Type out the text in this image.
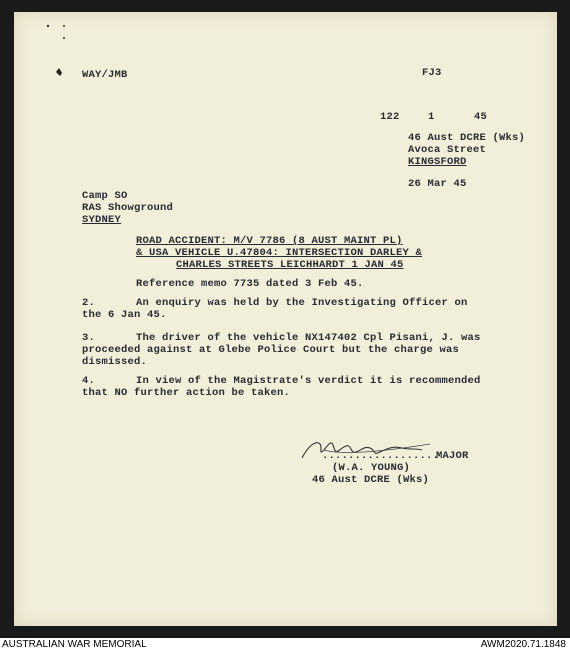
WAY/JMB	FJ3

122	1	45

46 Aust DCRE (Wks)

Avoca Street

KINGSFORD

26 Mar 45

Camp SO

RAS Showground

SYDNEY

ROAD ACCIDENT: M/V 7786 (8 AUST MAINT PL)

& USA VEHICLE U.47804: INTERSECTION DARLEY &

CHARLES STREETS LEICHHARDT 1 JAN 45

Reference memo 7735 dated 3 Feb 45.

2.	An enquiry was held by the Investigating Officer on

the 6 Jan 45.

3.	The driver of the vehicle NX147402 Cpl Pisani, J. was

proceeded against at Glebe Police Court but the charge was

dismissed.

4.	In view of the Magistrate's verdict it is recommended

that NO further action be taken.

..................

MAJOR

(W.A. YOUNG)

46 Aust DCRE (Wks)

AUSTRALIAN WAR MEMORIAL	AWM2020.71.1848
